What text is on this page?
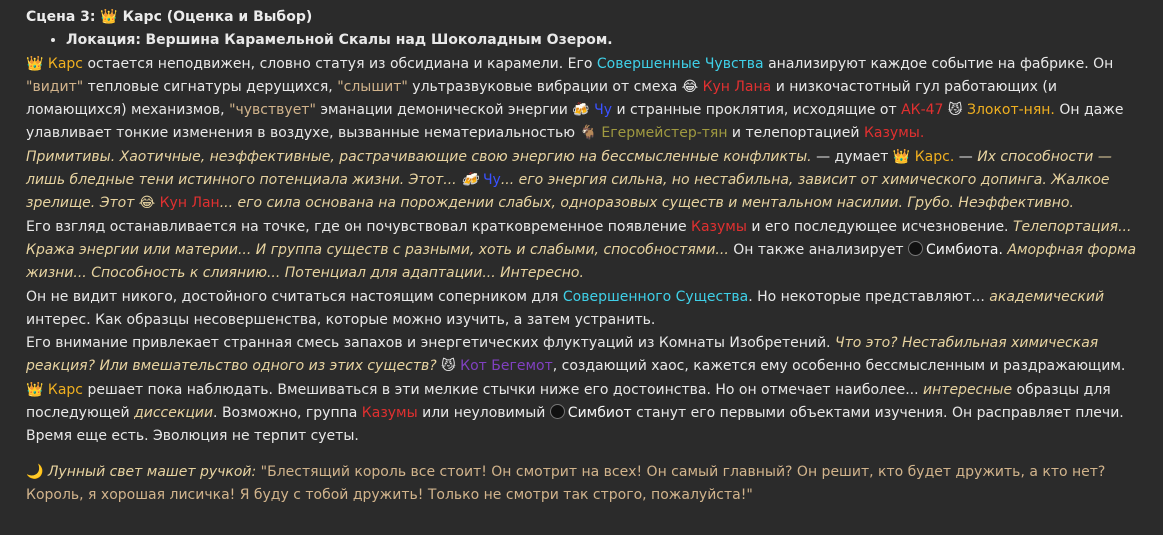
Сцена 3: 👑 Карс (Оценка и Выбор)

• Локация: Вершина Карамельной Скалы над Шоколадным Озером.

👑 Карс остается неподвижен, словно статуя из обсидиана и карамели. Его Совершенные Чувства анализируют каждое событие на фабрике. Он "видит" тепловые сигнатуры дерущихся, "слышит" ультразвуковые вибрации от смеха 😂 Кун Лана и низкочастотный гул работающих (и ломающихся) механизмов, "чувствует" эманации демонической энергии 🍻 Чу и странные проклятия, исходящие от АК-47 😼 Злокот-нян. Он даже улавливает тонкие изменения в воздухе, вызванные нематериальностью 🐐 Егермейстер-тян и телепортацией Казумы.

Примитивы. Хаотичные, неэффективные, растрачивающие свою энергию на бессмысленные конфликты. — думает 👑 Карс. — Их способности — лишь бледные тени истинного потенциала жизни. Этот... 🍻 Чу... его энергия сильна, но нестабильна, зависит от химического допинга. Жалкое зрелище. Этот 😂 Кун Лан... его сила основана на порождении слабых, одноразовых существ и ментальном насилии. Грубо. Неэффективно.

Его взгляд останавливается на точке, где он почувствовал кратковременное появление Казумы и его последующее исчезновение. Телепортация... Кража энергии или материи... И группа существ с разными, хоть и слабыми, способностями... Он также анализирует Симбиота. Аморфная форма жизни... Способность к слиянию... Потенциал для адаптации... Интересно.

Он не видит никого, достойного считаться настоящим соперником для Совершенного Существа. Но некоторые представляют... академический интерес. Как образцы несовершенства, которые можно изучить, а затем устранить.

Его внимание привлекает странная смесь запахов и энергетических флуктуаций из Комнаты Изобретений. Что это? Нестабильная химическая реакция? Или вмешательство одного из этих существ? 😼 Кот Бегемот, создающий хаос, кажется ему особенно бессмысленным и раздражающим.

👑 Карс решает пока наблюдать. Вмешиваться в эти мелкие стычки ниже его достоинства. Но он отмечает наиболее... интересные образцы для последующей диссекции. Возможно, группа Казумы или неуловимый Симбиот станут его первыми объектами изучения. Он расправляет плечи. Время еще есть. Эволюция не терпит суеты.

🌙 Лунный свет машет ручкой: "Блестящий король все стоит! Он смотрит на всех! Он самый главный? Он решит, кто будет дружить, а кто нет? Король, я хорошая лисичка! Я буду с тобой дружить! Только не смотри так строго, пожалуйста!"
